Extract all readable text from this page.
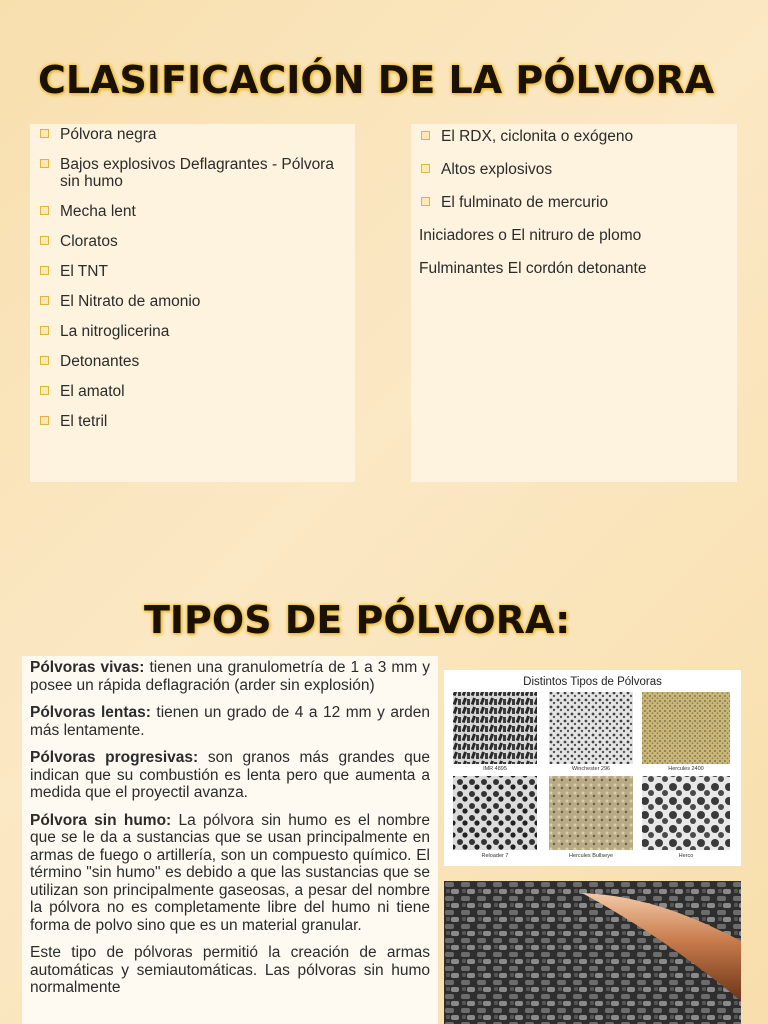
CLASIFICACIÓN DE LA PÓLVORA
Pólvora negra
Bajos explosivos Deflagrantes - Pólvora sin humo
Mecha lent
Cloratos
El TNT
El Nitrato de amonio
La nitroglicerina
Detonantes
El amatol
El tetril
El RDX, ciclonita o exógeno
Altos explosivos
El fulminato de mercurio

Iniciadores o El nitruro de plomo

Fulminantes El cordón detonante

TIPOS DE PÓLVORA:

Pólvoras vivas: tienen una granulometría de 1 a 3 mm y posee un rápida deflagración (arder sin explosión)

Pólvoras lentas: tienen un grado de 4 a 12 mm y arden más lentamente.

Pólvoras progresivas: son granos más grandes que indican que su combustión es lenta pero que aumenta a medida que el proyectil avanza.

Pólvora sin humo: La pólvora sin humo es el nombre que se le da a sustancias que se usan principalmente en armas de fuego o artillería, son un compuesto químico. El término "sin humo" es debido a que las sustancias que se utilizan son principalmente gaseosas, a pesar del nombre la pólvora no es completamente libre del humo ni tiene forma de polvo sino que es un material granular.

Este tipo de pólvoras permitió la creación de armas automáticas y semiautomáticas. Las pólvoras sin humo normalmente

Distintos Tipos de Pólvoras
IMR 4895	Winchester 296	Hercules 2400
Reloader 7	Hercules Bullseye	Herco
